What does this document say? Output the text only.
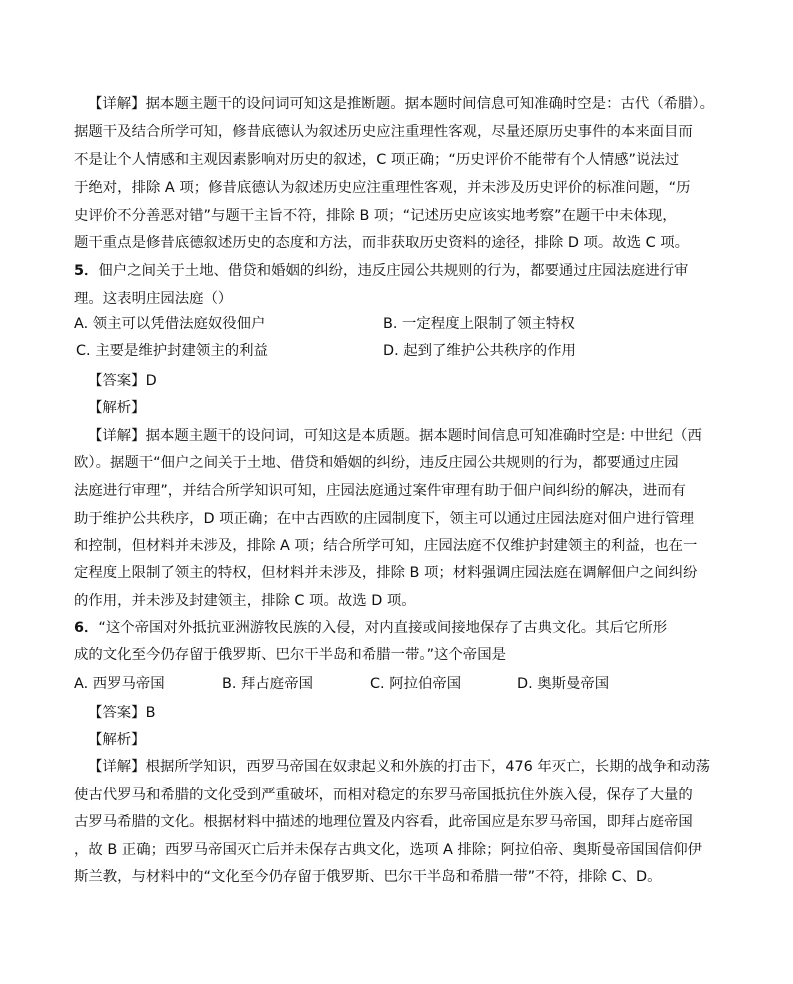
【详解】据本题主题干的设问词可知这是推断题。据本题时间信息可知准确时空是：古代（希腊）。
据题干及结合所学可知，修昔底德认为叙述历史应注重理性客观，尽量还原历史事件的本来面目而
不是让个人情感和主观因素影响对历史的叙述，C 项正确；“历史评价不能带有个人情感”说法过
于绝对，排除 A 项；修昔底德认为叙述历史应注重理性客观，并未涉及历史评价的标准问题，“历
史评价不分善恶对错”与题干主旨不符，排除 B 项；“记述历史应该实地考察”在题干中未体现，
题干重点是修昔底德叙述历史的态度和方法，而非获取历史资料的途径，排除 D 项。故选 C 项。
5．佃户之间关于土地、借贷和婚姻的纠纷，违反庄园公共规则的行为，都要通过庄园法庭进行审
理。这表明庄园法庭（）
A. 领主可以凭借法庭奴役佃户	B. 一定程度上限制了领主特权
C. 主要是维护封建领主的利益	D. 起到了维护公共秩序的作用
【答案】D
【解析】
【详解】据本题主题干的设问词，可知这是本质题。据本题时间信息可知准确时空是: 中世纪（西
欧）。据题干“佃户之间关于土地、借贷和婚姻的纠纷，违反庄园公共规则的行为，都要通过庄园
法庭进行审理”，并结合所学知识可知，庄园法庭通过案件审理有助于佃户间纠纷的解决，进而有
助于维护公共秩序，D 项正确；在中古西欧的庄园制度下，领主可以通过庄园法庭对佃户进行管理
和控制，但材料并未涉及，排除 A 项；结合所学可知，庄园法庭不仅维护封建领主的利益，也在一
定程度上限制了领主的特权，但材料并未涉及，排除 B 项；材料强调庄园法庭在调解佃户之间纠纷
的作用，并未涉及封建领主，排除 C 项。故选 D 项。
6．“这个帝国对外抵抗亚洲游牧民族的入侵，对内直接或间接地保存了古典文化。其后它所形
成的文化至今仍存留于俄罗斯、巴尔干半岛和希腊一带。”这个帝国是
A. 西罗马帝国	B. 拜占庭帝国	C. 阿拉伯帝国	D. 奥斯曼帝国
【答案】B
【解析】
【详解】根据所学知识，西罗马帝国在奴隶起义和外族的打击下，476 年灭亡，长期的战争和动荡
使古代罗马和希腊的文化受到严重破坏，而相对稳定的东罗马帝国抵抗住外族入侵，保存了大量的
古罗马希腊的文化。根据材料中描述的地理位置及内容看，此帝国应是东罗马帝国，即拜占庭帝国
，故 B 正确；西罗马帝国灭亡后并未保存古典文化，选项 A 排除；阿拉伯帝、奥斯曼帝国国信仰伊
斯兰教，与材料中的“文化至今仍存留于俄罗斯、巴尔干半岛和希腊一带”不符，排除 C、D。
